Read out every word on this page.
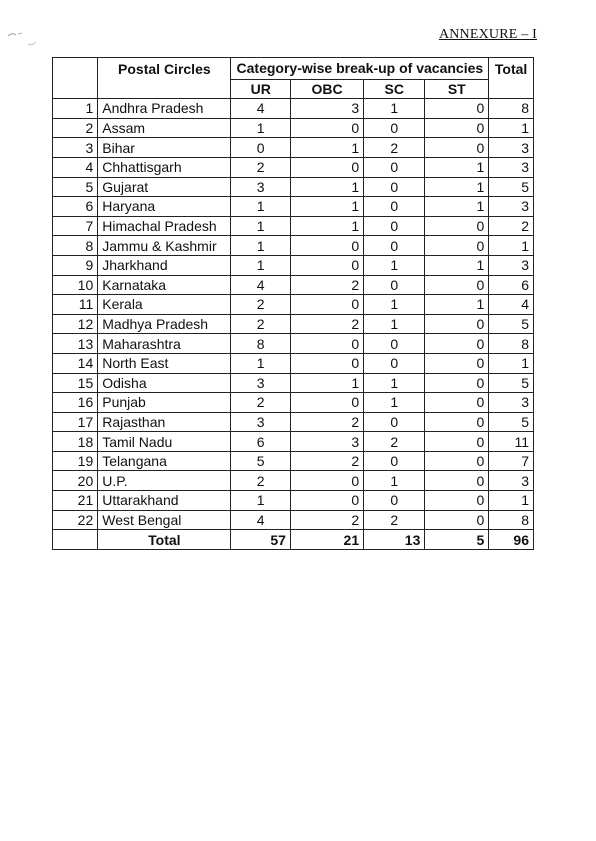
ANNEXURE – I
	Postal Circles	Category-wise break-up of vacancies				Total
		UR	OBC	SC	ST	
1	Andhra Pradesh	4	3	1	0	8
2	Assam	1	0	0	0	1
3	Bihar	0	1	2	0	3
4	Chhattisgarh	2	0	0	1	3
5	Gujarat	3	1	0	1	5
6	Haryana	1	1	0	1	3
7	Himachal Pradesh	1	1	0	0	2
8	Jammu & Kashmir	1	0	0	0	1
9	Jharkhand	1	0	1	1	3
10	Karnataka	4	2	0	0	6
11	Kerala	2	0	1	1	4
12	Madhya Pradesh	2	2	1	0	5
13	Maharashtra	8	0	0	0	8
14	North East	1	0	0	0	1
15	Odisha	3	1	1	0	5
16	Punjab	2	0	1	0	3
17	Rajasthan	3	2	0	0	5
18	Tamil Nadu	6	3	2	0	11
19	Telangana	5	2	0	0	7
20	U.P.	2	0	1	0	3
21	Uttarakhand	1	0	0	0	1
22	West Bengal	4	2	2	0	8
	Total	57	21	13	5	96
